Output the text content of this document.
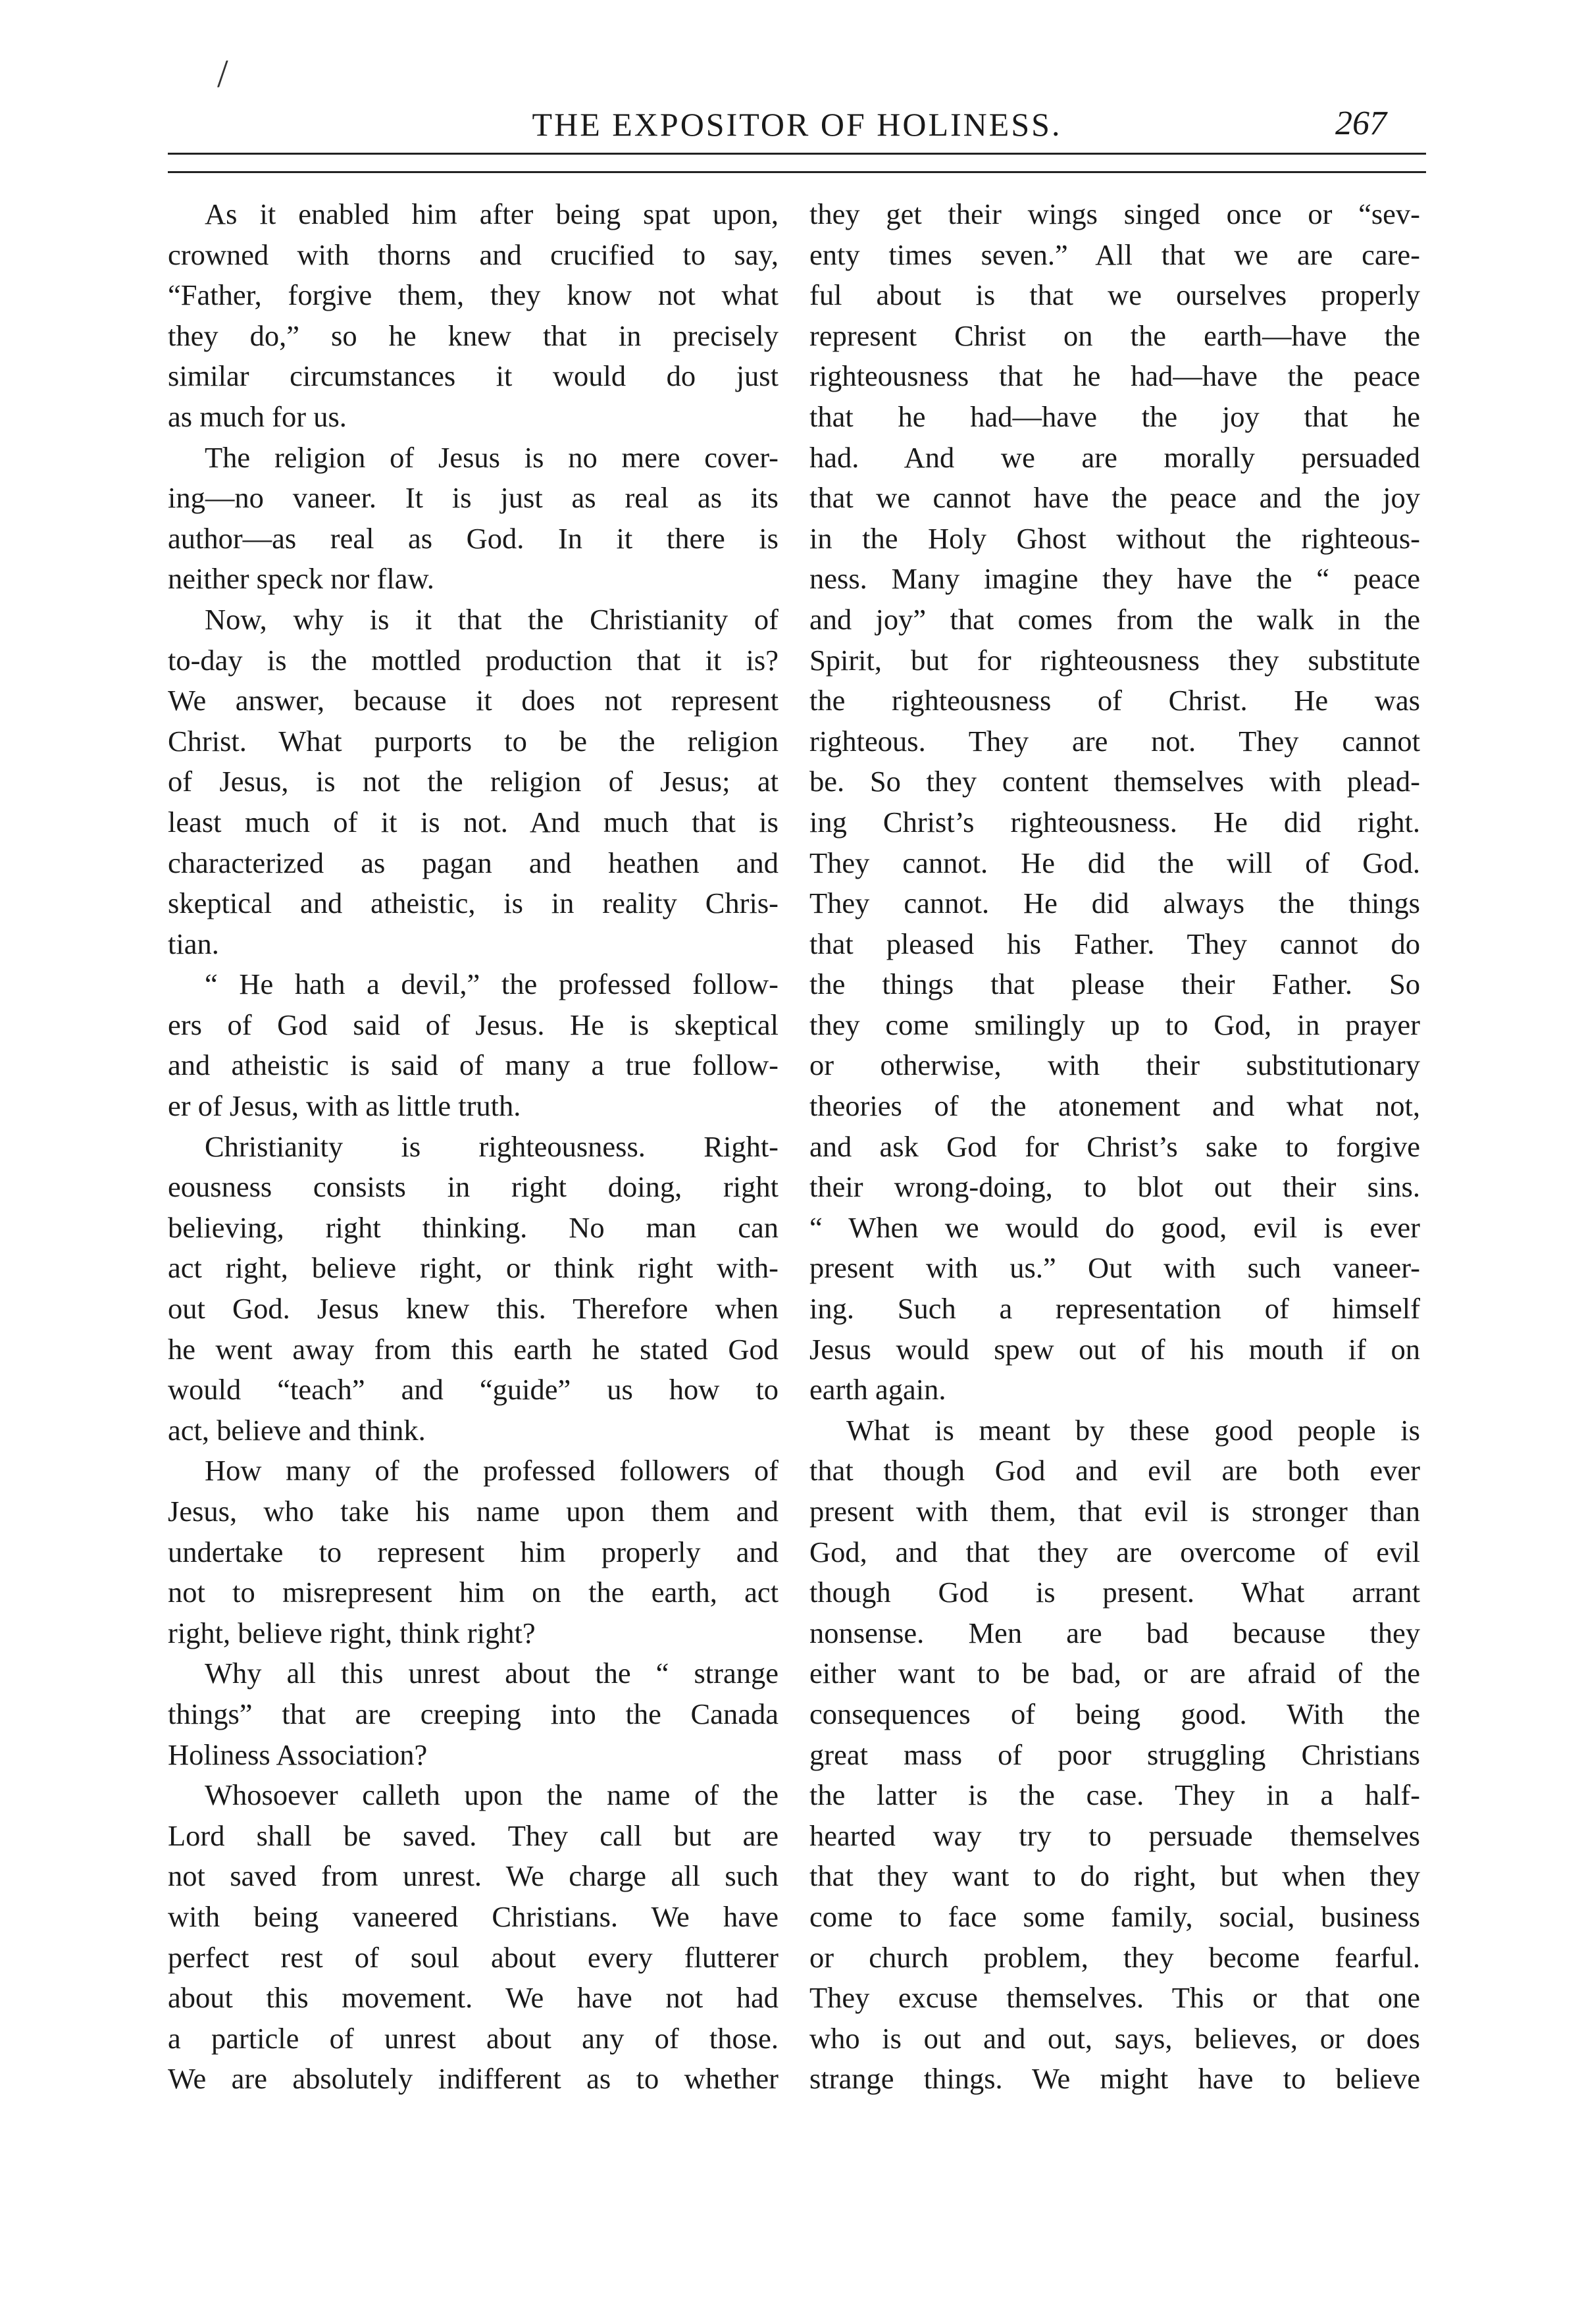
/
THE EXPOSITOR OF HOLINESS.	267
As it enabled him after being spat upon,
crowned with thorns and crucified to say,
“Father, forgive them, they know not what
they do,” so he knew that in precisely
similar circumstances it would do just
as much for us.
The religion of Jesus is no mere cover-
ing—no vaneer. It is just as real as its
author—as real as God. In it there is
neither speck nor flaw.
Now, why is it that the Christianity of
to-day is the mottled production that it is?
We answer, because it does not represent
Christ. What purports to be the religion
of Jesus, is not the religion of Jesus; at
least much of it is not. And much that is
characterized as pagan and heathen and
skeptical and atheistic, is in reality Chris-
tian.
“ He hath a devil,” the professed follow-
ers of God said of Jesus. He is skeptical
and atheistic is said of many a true follow-
er of Jesus, with as little truth.
Christianity is righteousness. Right-
eousness consists in right doing, right
believing, right thinking. No man can
act right, believe right, or think right with-
out God. Jesus knew this. Therefore when
he went away from this earth he stated God
would “teach” and “guide” us how to
act, believe and think.
How many of the professed followers of
Jesus, who take his name upon them and
undertake to represent him properly and
not to misrepresent him on the earth, act
right, believe right, think right?
Why all this unrest about the “ strange
things” that are creeping into the Canada
Holiness Association?
Whosoever calleth upon the name of the
Lord shall be saved. They call but are
not saved from unrest. We charge all such
with being vaneered Christians. We have
perfect rest of soul about every flutterer
about this movement. We have not had
a particle of unrest about any of those.
We are absolutely indifferent as to whether
they get their wings singed once or “sev-
enty times seven.” All that we are care-
ful about is that we ourselves properly
represent Christ on the earth—have the
righteousness that he had—have the peace
that he had—have the joy that he
had. And we are morally persuaded
that we cannot have the peace and the joy
in the Holy Ghost without the righteous-
ness. Many imagine they have the “ peace
and joy” that comes from the walk in the
Spirit, but for righteousness they substitute
the righteousness of Christ. He was
righteous. They are not. They cannot
be. So they content themselves with plead-
ing Christ’s righteousness. He did right.
They cannot. He did the will of God.
They cannot. He did always the things
that pleased his Father. They cannot do
the things that please their Father. So
they come smilingly up to God, in prayer
or otherwise, with their substitutionary
theories of the atonement and what not,
and ask God for Christ’s sake to forgive
their wrong-doing, to blot out their sins.
“ When we would do good, evil is ever
present with us.” Out with such vaneer-
ing. Such a representation of himself
Jesus would spew out of his mouth if on
earth again.
What is meant by these good people is
that though God and evil are both ever
present with them, that evil is stronger than
God, and that they are overcome of evil
though God is present. What arrant
nonsense. Men are bad because they
either want to be bad, or are afraid of the
consequences of being good. With the
great mass of poor struggling Christians
the latter is the case. They in a half-
hearted way try to persuade themselves
that they want to do right, but when they
come to face some family, social, business
or church problem, they become fearful.
They excuse themselves. This or that one
who is out and out, says, believes, or does
strange things. We might have to believe
